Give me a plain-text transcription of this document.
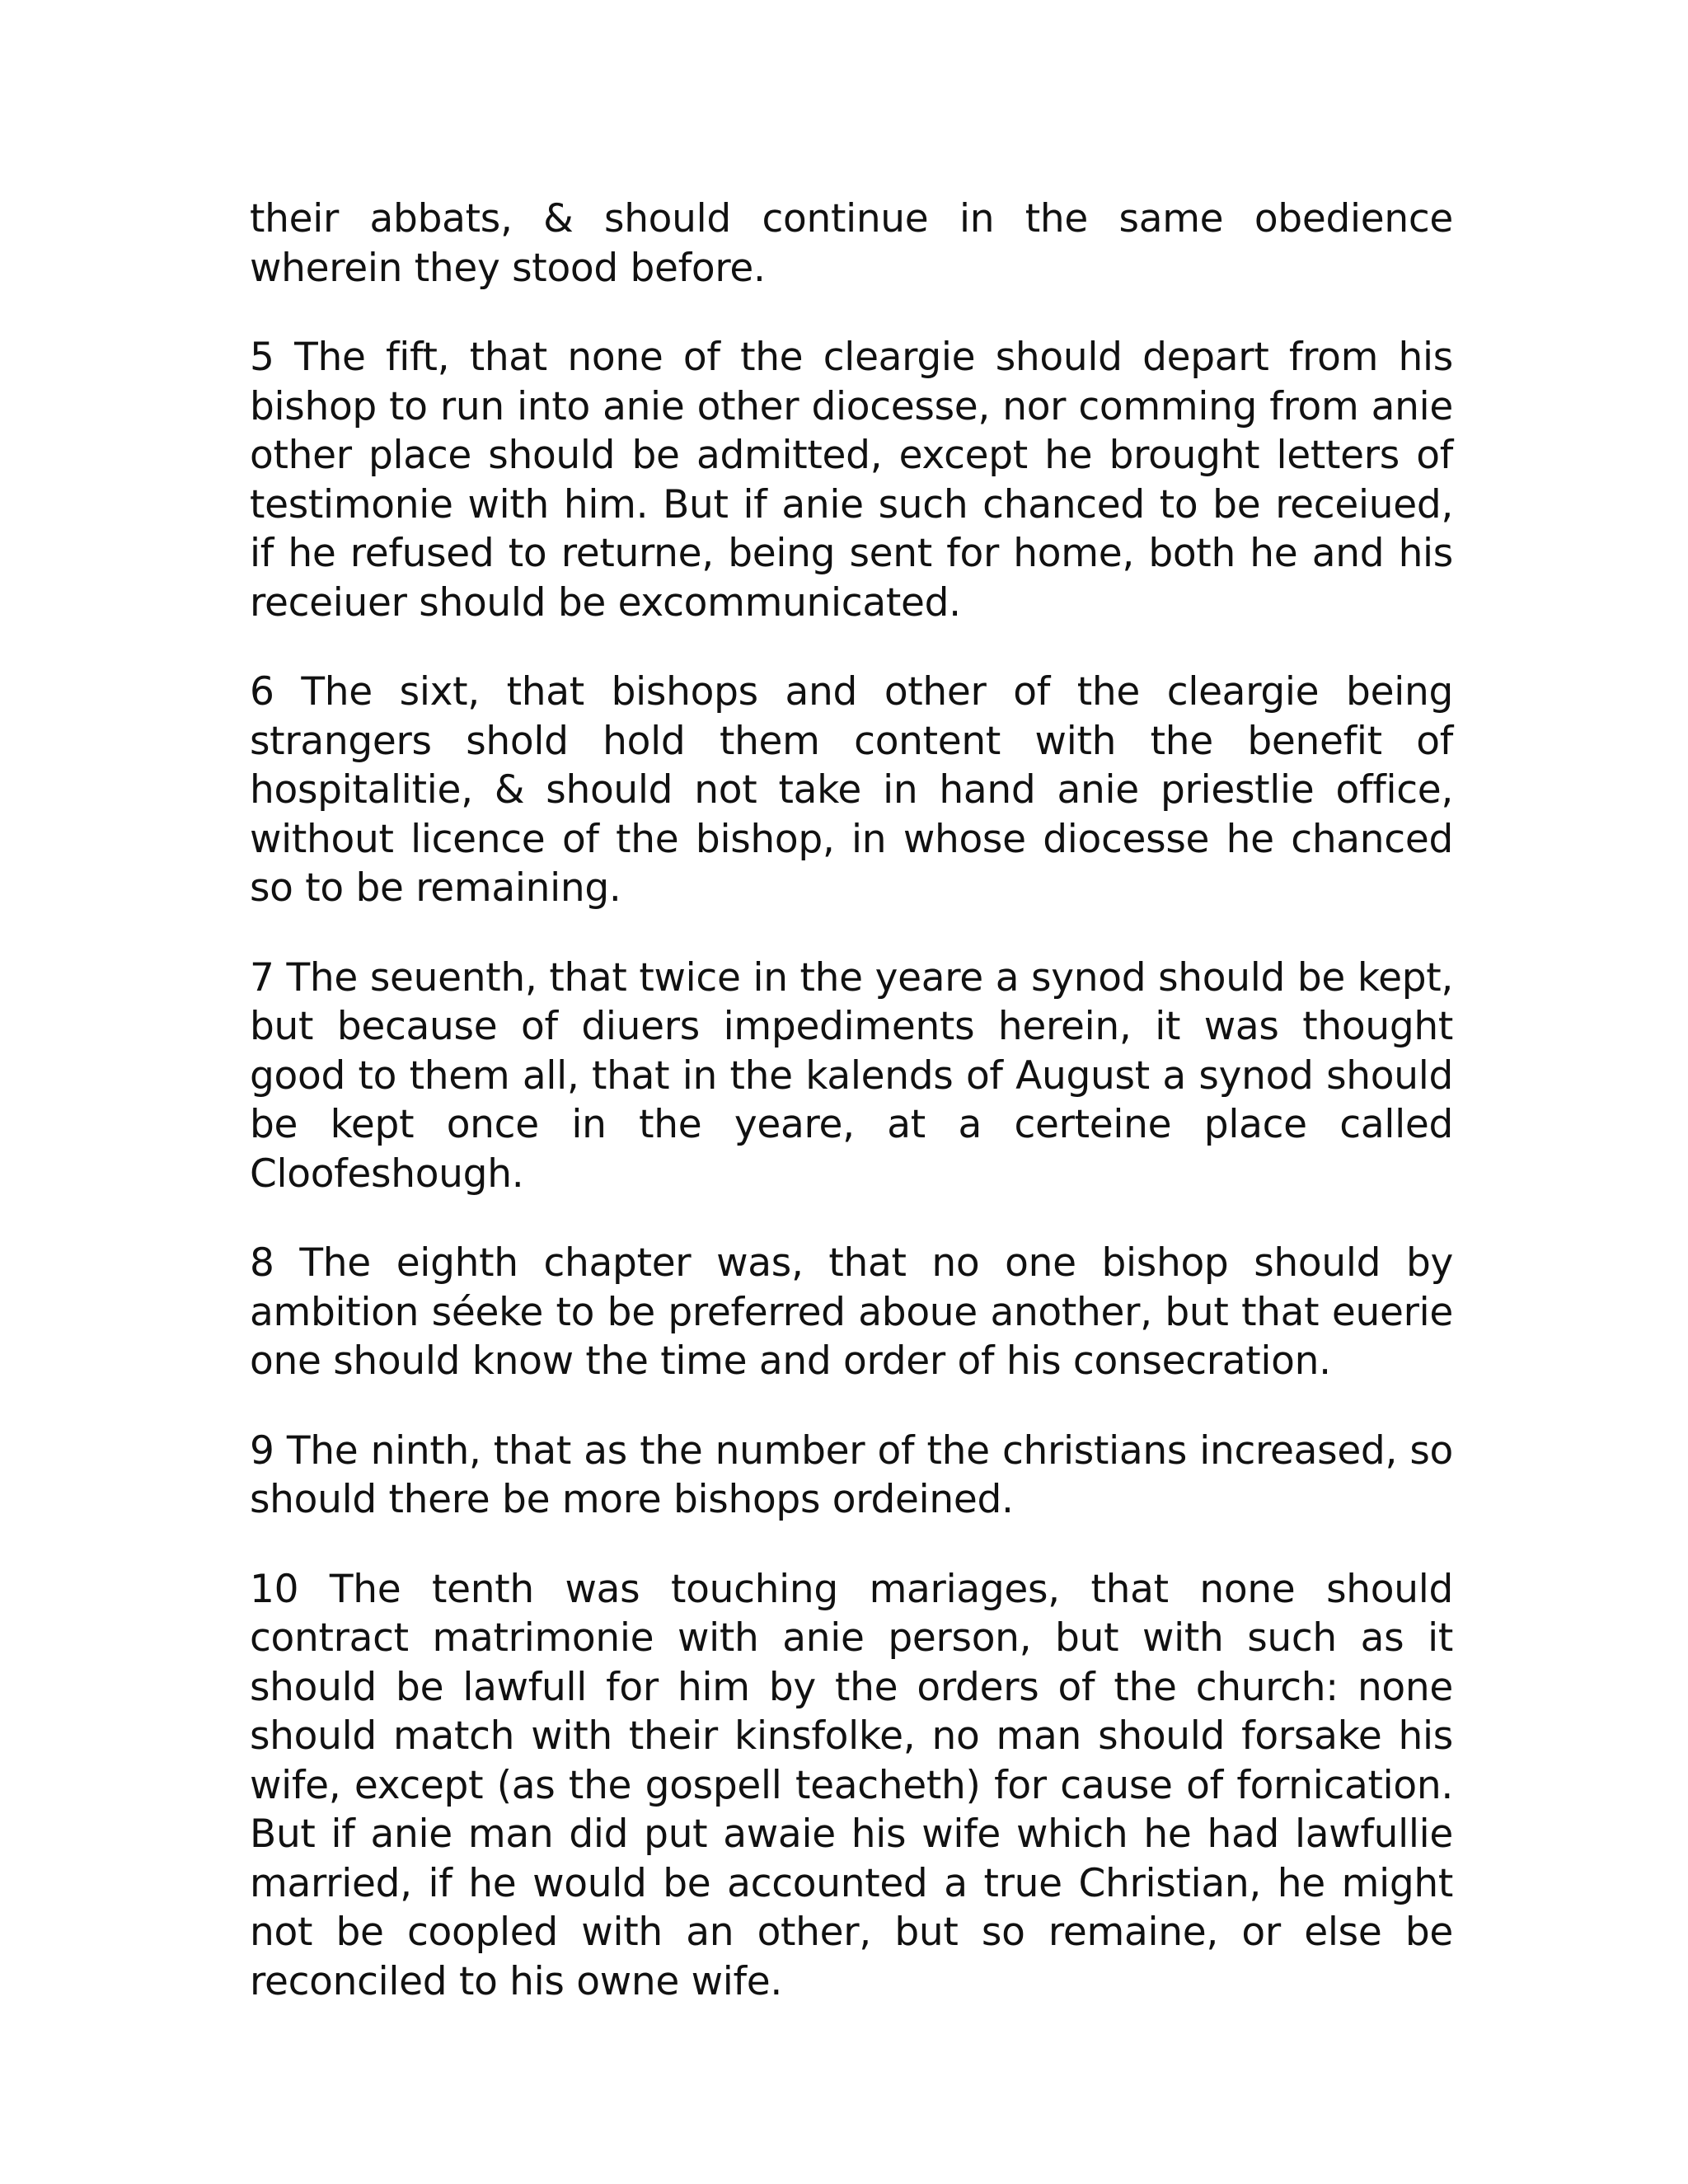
their abbats, & should continue in the same obedience wherein they stood before.

5 The fift, that none of the cleargie should depart from his bishop to run into anie other diocesse, nor comming from anie other place should be admitted, except he brought letters of testimonie with him. But if anie such chanced to be receiued, if he refused to returne, being sent for home, both he and his receiuer should be excommunicated.

6 The sixt, that bishops and other of the cleargie being strangers shold hold them content with the benefit of hospitalitie, & should not take in hand anie priestlie office, without licence of the bishop, in whose diocesse he chanced so to be remaining.

7 The seuenth, that twice in the yeare a synod should be kept, but because of diuers impediments herein, it was thought good to them all, that in the kalends of August a synod should be kept once in the yeare, at a certeine place called Cloofeshough.

8 The eighth chapter was, that no one bishop should by ambition séeke to be preferred aboue another, but that euerie one should know the time and order of his consecration.

9 The ninth, that as the number of the christians increased, so should there be more bishops ordeined.

10 The tenth was touching mariages, that none should contract matrimonie with anie person, but with such as it should be lawfull for him by the orders of the church: none should match with their kinsfolke, no man should forsake his wife, except (as the gospell teacheth) for cause of fornication. But if anie man did put awaie his wife which he had lawfullie married, if he would be accounted a true Christian, he might not be coopled with an other, but so remaine, or else be reconciled to his owne wife.
